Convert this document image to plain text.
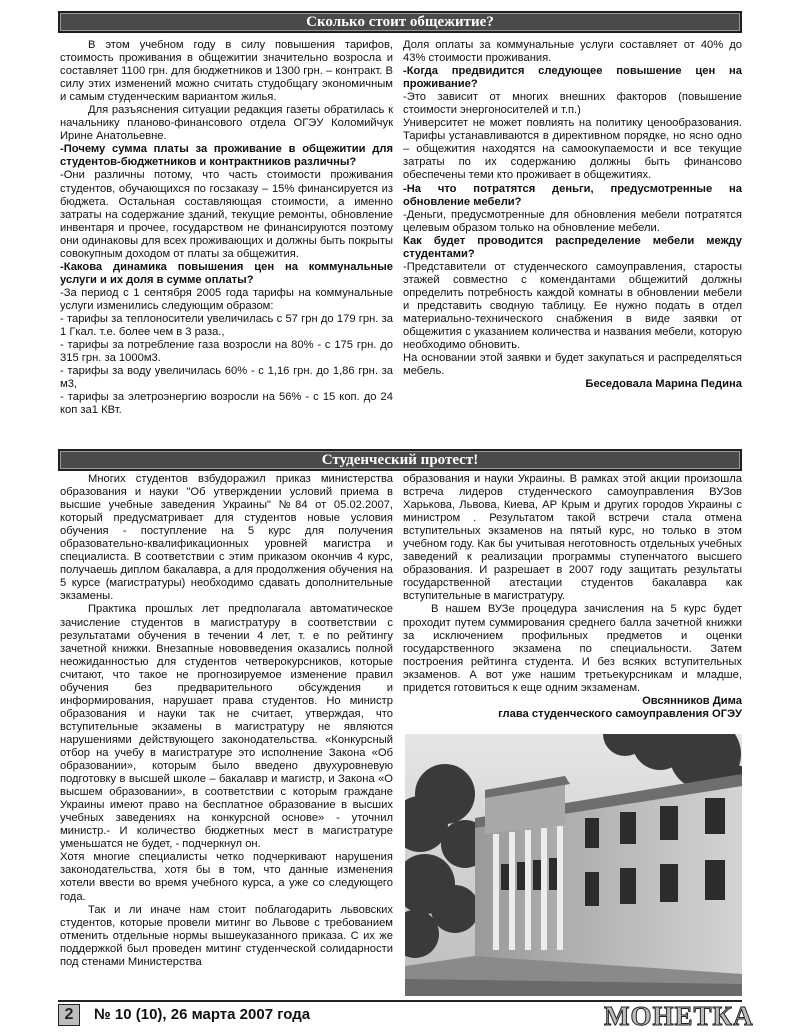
Сколько стоит общежитие?

В этом учебном году в силу повышения тарифов, стоимость проживания в общежитии значительно возросла и составляет 1100 грн. для бюджетников и 1300 грн. – контракт. В силу этих изменений можно считать студобщагу экономичным и самым студенческим вариантом жилья.

Для разъяснения ситуации редакция газеты обратилась к начальнику планово-финансового отдела ОГЭУ Коломийчук Ирине Анатольевне.

-Почему сумма платы за проживание в общежитии для студентов-бюджетников и контрактников различны?

-Они различны потому, что часть стоимости проживания студентов, обучающихся по госзаказу – 15% финансируется из бюджета. Остальная составляющая стоимости, а именно затраты на содержание зданий, текущие ремонты, обновление инвентаря и прочее, государством не финансируются поэтому они одинаковы для всех проживающих и должны быть покрыты совокупным доходом от платы за общежития.

-Какова динамика повышения цен на коммунальные услуги и их доля в сумме оплаты?

-За период с 1 сентября 2005 года тарифы на коммунальные услуги изменились следующим образом:

- тарифы за теплоносители увеличилась с 57 грн до 179 грн. за 1 Гкал. т.е. более чем в 3 раза.,

- тарифы за потребление газа возросли на 80% - с 175 грн. до 315 грн. за 1000м3.

- тарифы за воду увеличилась 60% - с 1,16 грн. до 1,86 грн. за м3,

- тарифы за элетроэнергию возросли на 56% - с 15 коп. до 24 коп за1 КВт.

Доля оплаты за коммунальные услуги составляет от 40% до 43% стоимости проживания.

-Когда предвидится следующее повышение цен на проживание?

-Это зависит от многих внешних факторов (повышение стоимости энергоносителей и т.п.)

Университет не может повлиять на политику ценообразования. Тарифы устанавливаются в директивном порядке, но ясно одно – общежития находятся на самоокупаемости и все текущие затраты по их содержанию должны быть финансово обеспечены теми кто проживает в общежитиях.

-На что потратятся деньги, предусмотренные на обновление мебели?

-Деньги, предусмотренные для обновления мебели потратятся целевым образом только на обновление мебели.

Как будет проводится распределение мебели между студентами?

-Представители от студенческого самоуправления, старосты этажей совместно с комендантами общежитий должны определить потребность каждой комнаты в обновлении мебели и представить сводную таблицу. Ее нужно подать в отдел материально-технического снабжения в виде заявки от общежития с указанием количества и названия мебели, которую необходимо обновить.

На основании этой заявки и будет закупаться и распределяться мебель.

Беседовала Марина Педина

Студенческий протест!

Многих студентов взбудоражил приказ министерства образования и науки "Об утверждении условий приема в высшие учебные заведения Украины" №84 от 05.02.2007, который предусматривает для студентов новые условия обучения - поступление на 5 курс для получения образовательно-квалификационных уровней магистра и специалиста. В соответствии с этим приказом окончив 4 курс, получаешь диплом бакалавра, а для продолжения обучения на 5 курсе (магистратуры) необходимо сдавать дополнительные экзамены.

Практика прошлых лет предполагала автоматическое зачисление студентов в магистратуру в соответствии с результатами обучения в течении 4 лет, т. е по рейтингу зачетной книжки. Внезапные нововведения оказались полной неожиданностью для студентов четверокурсников, которые считают, что такое не прогнозируемое изменение правил обучения без предварительного обсуждения и информирования, нарушает права студентов. Но министр образования и науки так не считает, утверждая, что вступительные экзамены в магистратуру не являются нарушениями действующего законодательства. «Конкурсный отбор на учебу в магистратуре это исполнение Закона «Об образовании», которым было введено двухуровневую подготовку в высшей школе – бакалавр и магистр, и Закона «О высшем образовании», в соответствии с которым граждане Украины имеют право на бесплатное образование в высших учебных заведениях на конкурсной основе» - уточнил министр.- И количество бюджетных мест в магистратуре уменьшатся не будет, - подчеркнул он.

Хотя многие специалисты четко подчеркивают нарушения законодательства, хотя бы в том, что данные изменения хотели ввести во время учебного курса, а уже со следующего года.

Так и ли иначе нам стоит поблагодарить львовских студентов, которые провели митинг во Львове с требованием отменить отдельные нормы вышеуказанного приказа. С их же поддержкой был проведен митинг студенческой солидарности под стенами Министерства

образования и науки Украины. В рамках этой акции произошла встреча лидеров студенческого самоуправления ВУЗов Харькова, Львова, Киева, АР Крым и других городов Украины с министром . Результатом такой встречи стала отмена вступительных экзаменов на пятый курс, но только в этом учебном году. Как бы учитывая неготовность отдельных учебных заведений к реализации программы ступенчатого высшего образования. И разрешает в 2007 году защитать результаты государственной атестации студентов бакалавра как вступительные в магистратуру.

В нашем ВУЗе процедура зачисления на 5 курс будет проходит путем суммирования среднего балла зачетной книжки за исключением профильных предметов и оценки государственного экзамена по специальности. Затем построения рейтинга студента. И без всяких вступительных экзаменов. А вот уже нашим третьекурсникам и младше, придется готовиться к еще одним экзаменам.

Овсянников Дима

глава студенческого самоуправления ОГЭУ

2	№ 10 (10), 26 марта 2007 года	МОНЕТКА
